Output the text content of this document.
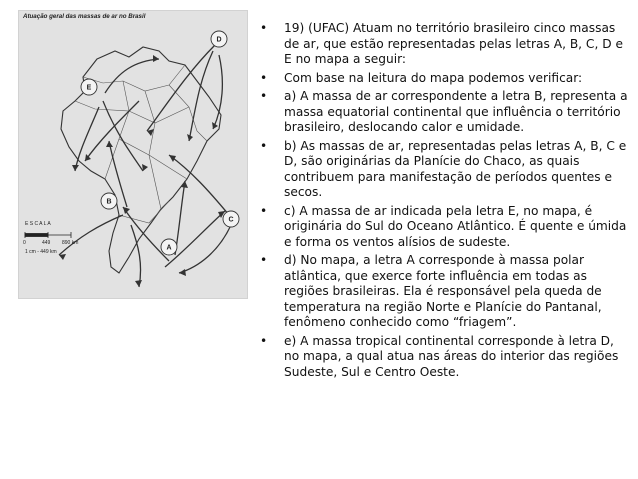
D
E
B
C
A
Atuação geral das massas de ar no Brasil
E S C A L A
0	449 890 km
1 cm - 449 km
• 19) (UFAC) Atuam no território brasileiro cinco massas de ar, que estão representadas pelas letras A, B, C, D e E no mapa a seguir:
• Com base na leitura do mapa podemos verificar:
• a) A massa de ar correspondente a letra B, representa a massa equatorial continental que influência o território brasileiro, deslocando calor e umidade.
• b) As massas de ar, representadas pelas letras A, B, C e D, são originárias da Planície do Chaco, as quais contribuem para manifestação de períodos quentes e secos.
• c) A massa de ar indicada pela letra E, no mapa, é originária do Sul do Oceano Atlântico. É quente e úmida e forma os ventos alísios de sudeste.
• d) No mapa, a letra A corresponde à massa polar atlântica, que exerce forte influência em todas as regiões brasileiras. Ela é responsável pela queda de temperatura na região Norte e Planície do Pantanal, fenômeno conhecido como “friagem”.
• e) A massa tropical continental corresponde à letra D, no mapa, a qual atua nas áreas do interior das regiões Sudeste, Sul e Centro Oeste.
